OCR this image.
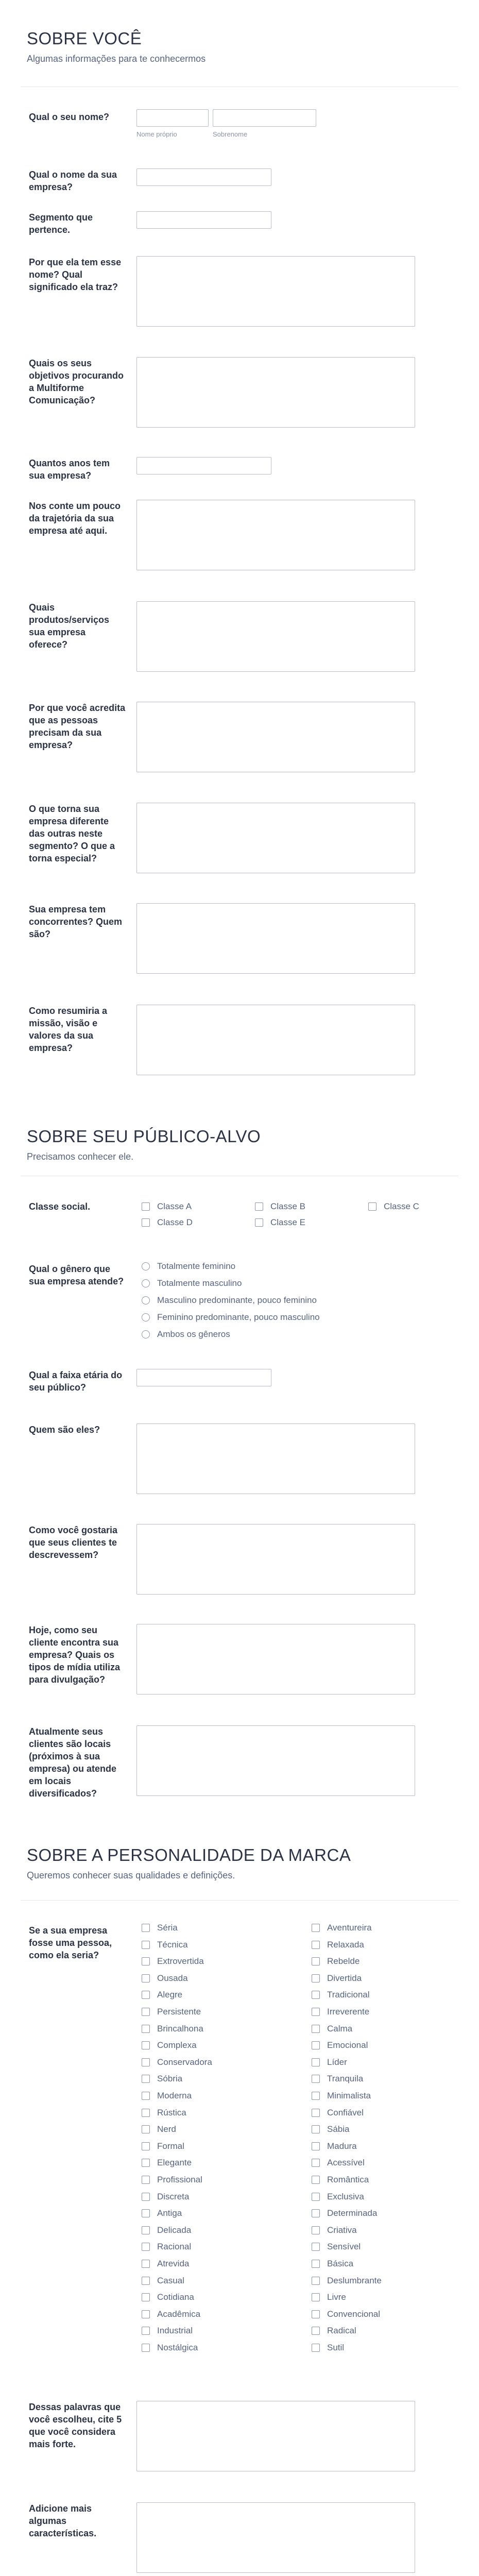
SOBRE VOCÊ
Algumas informações para te conhecermos
SOBRE SEU PÚBLICO-ALVO
Precisamos conhecer ele.
SOBRE A PERSONALIDADE DA MARCA
Queremos conhecer suas qualidades e definições.
Qual o seu nome?
Nome próprio	Sobrenome
Qual o nome da sua empresa?
Segmento que pertence.
Por que ela tem esse nome? Qual significado ela traz?
Quais os seus objetivos procurando a Multiforme Comunicação?
Quantos anos tem sua empresa?
Nos conte um pouco da trajetória da sua empresa até aqui.
Quais produtos/serviços sua empresa oferece?
Por que você acredita que as pessoas precisam da sua empresa?
O que torna sua empresa diferente das outras neste segmento? O que a torna especial?
Sua empresa tem concorrentes? Quem são?
Como resumiria a missão, visão e valores da sua empresa?
Classe social.	Classe A	Classe B	Classe C
Classe D	Classe E
Qual o gênero que sua empresa atende?
Totalmente feminino
Totalmente masculino
Masculino predominante, pouco feminino
Feminino predominante, pouco masculino
Ambos os gêneros
Qual a faixa etária do seu público?
Quem são eles?
Como você gostaria que seus clientes te descrevessem?
Hoje, como seu cliente encontra sua empresa? Quais os tipos de mídia utiliza para divulgação?
Atualmente seus clientes são locais (próximos à sua empresa) ou atende em locais diversificados?
Se a sua empresa fosse uma pessoa, como ela seria?
Séria
Técnica
Extrovertida
Ousada
Alegre
Persistente
Brincalhona
Complexa
Conservadora
Sóbria
Moderna
Rústica
Nerd
Formal
Elegante
Profissional
Discreta
Antiga
Delicada
Racional
Atrevida
Casual
Cotidiana
Acadêmica
Industrial
Nostálgica
Aventureira
Relaxada
Rebelde
Divertida
Tradicional
Irreverente
Calma
Emocional
Líder
Tranquila
Minimalista
Confiável
Sábia
Madura
Acessível
Romântica
Exclusiva
Determinada
Criativa
Sensível
Básica
Deslumbrante
Livre
Convencional
Radical
Sutil
Dessas palavras que você escolheu, cite 5 que você considera mais forte.
Adicione mais algumas características.
